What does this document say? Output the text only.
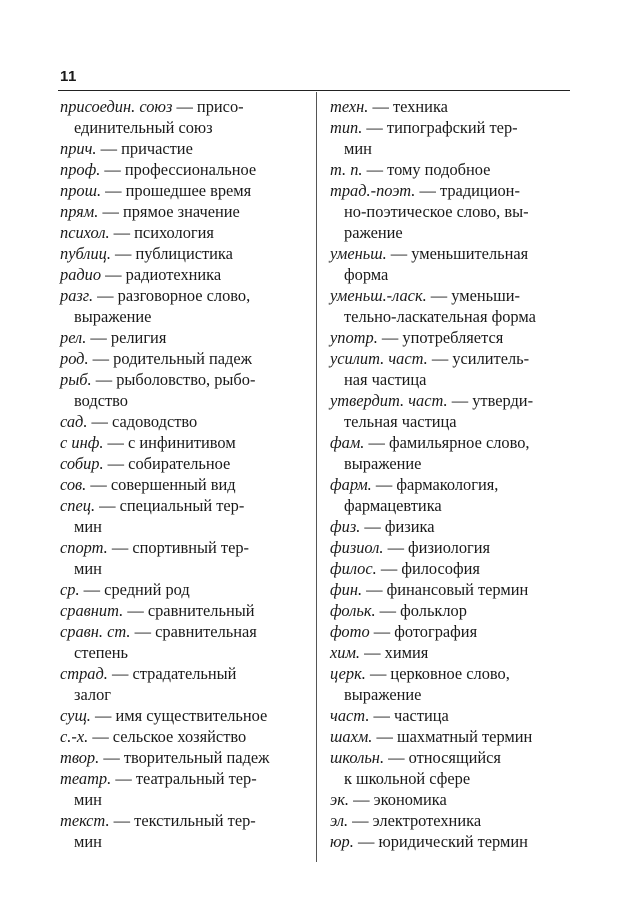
11
присоедин. союз — присо-
единительный союз
прич. — причастие
проф. — профессиональное
прош. — прошедшее время
прям. — прямое значение
психол. — психология
публиц. — публицистика
радио — радиотехника
разг. — разговорное слово,
выражение
рел. — религия
род. — родительный падеж
рыб. — рыболовство, рыбо-
водство
сад. — садоводство
с инф. — с инфинитивом
собир. — собирательное
сов. — совершенный вид
спец. — специальный тер-
мин
спорт. — спортивный тер-
мин
ср. — средний род
сравнит. — сравнительный
сравн. ст. — сравнительная
степень
страд. — страдательный
залог
сущ. — имя существительное
с.-х. — сельское хозяйство
твор. — творительный падеж
театр. — театральный тер-
мин
текст. — текстильный тер-
мин
техн. — техника
тип. — типографский тер-
мин
т. п. — тому подобное
трад.-поэт. — традицион-
но-поэтическое слово, вы-
ражение
уменьш. — уменьшительная
форма
уменьш.-ласк. — уменьши-
тельно-ласкательная форма
употр. — употребляется
усилит. част. — усилитель-
ная частица
утвердит. част. — утверди-
тельная частица
фам. — фамильярное слово,
выражение
фарм. — фармакология,
фармацевтика
физ. — физика
физиол. — физиология
филос. — философия
фин. — финансовый термин
фольк. — фольклор
фото — фотография
хим. — химия
церк. — церковное слово,
выражение
част. — частица
шахм. — шахматный термин
школьн. — относящийся
к школьной сфере
эк. — экономика
эл. — электротехника
юр. — юридический термин
